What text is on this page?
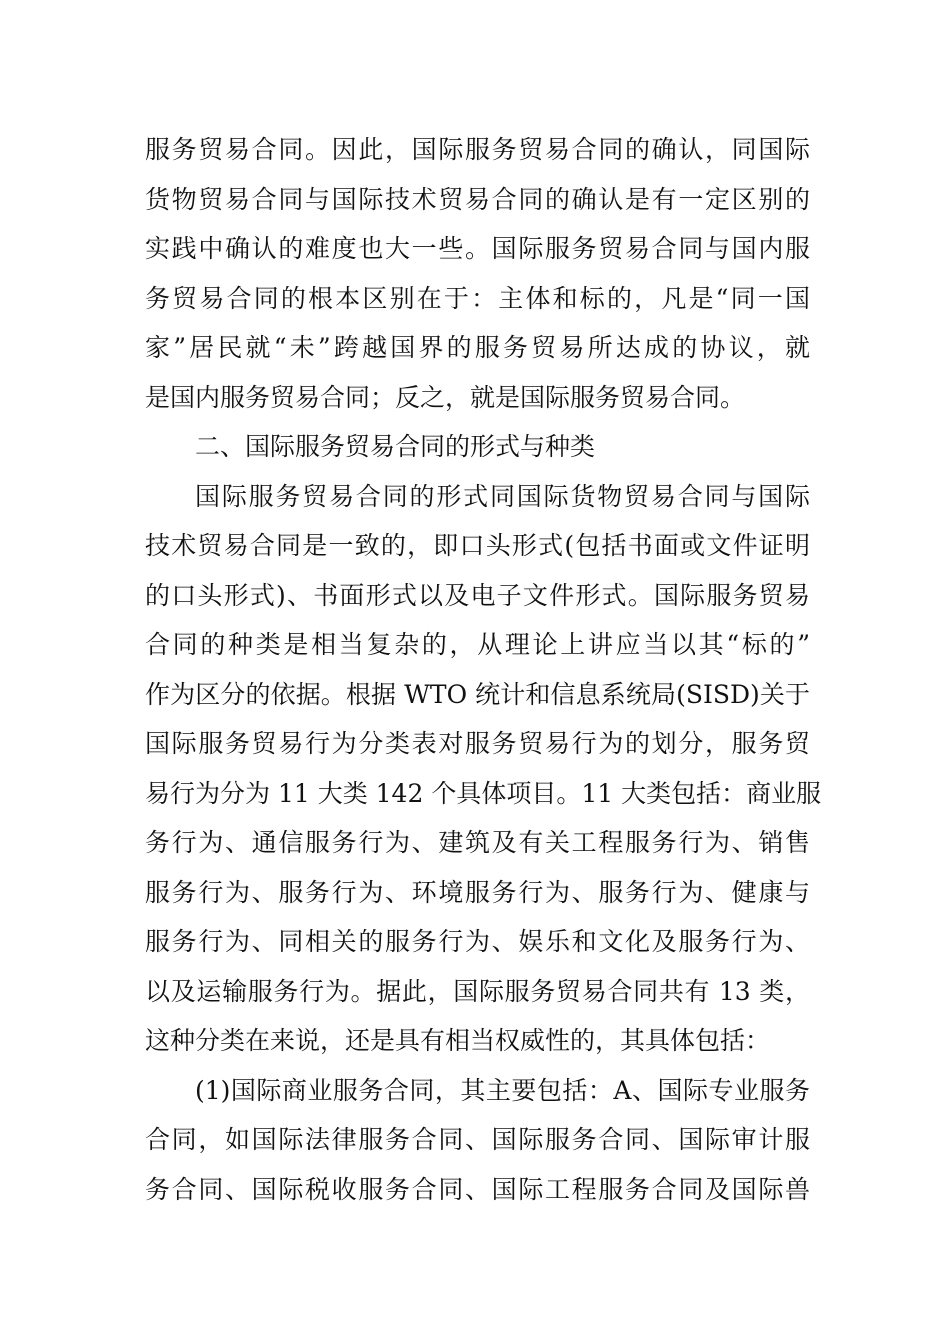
服务贸易合同。因此，国际服务贸易合同的确认，同国际
货物贸易合同与国际技术贸易合同的确认是有一定区别的
实践中确认的难度也大一些。国际服务贸易合同与国内服
务贸易合同的根本区别在于：主体和标的，凡是“同一国
家”居民就“未”跨越国界的服务贸易所达成的协议，就
是国内服务贸易合同；反之，就是国际服务贸易合同。
二、国际服务贸易合同的形式与种类
国际服务贸易合同的形式同国际货物贸易合同与国际
技术贸易合同是一致的，即口头形式(包括书面或文件证明
的口头形式)、书面形式以及电子文件形式。国际服务贸易
合同的种类是相当复杂的，从理论上讲应当以其“标的”
作为区分的依据。根据 WTO 统计和信息系统局(SISD)关于
国际服务贸易行为分类表对服务贸易行为的划分，服务贸
易行为分为 11 大类 142 个具体项目。11 大类包括：商业服
务行为、通信服务行为、建筑及有关工程服务行为、销售
服务行为、服务行为、环境服务行为、服务行为、健康与
服务行为、同相关的服务行为、娱乐和文化及服务行为、
以及运输服务行为。据此，国际服务贸易合同共有 13 类，
这种分类在来说，还是具有相当权威性的，其具体包括：
(1)国际商业服务合同，其主要包括：A、国际专业服务
合同，如国际法律服务合同、国际服务合同、国际审计服
务合同、国际税收服务合同、国际工程服务合同及国际兽
